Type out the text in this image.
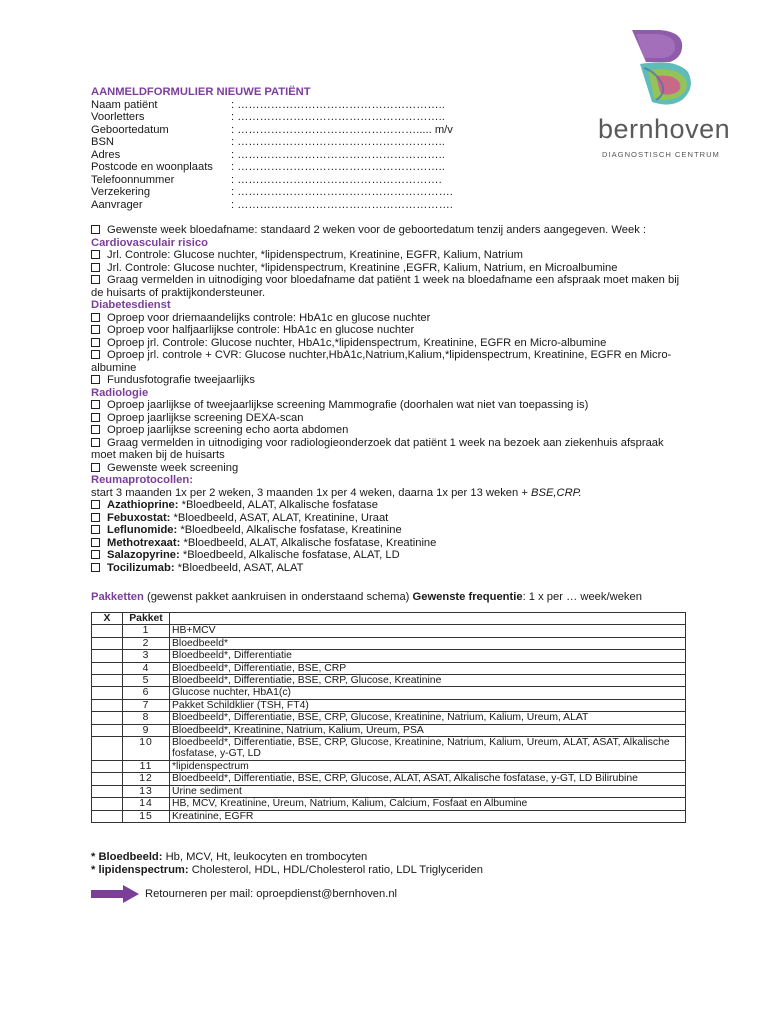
bernhoven
DIAGNOSTISCH CENTRUM
AANMELDFORMULIER NIEUWE PATIËNT
Naam patiënt	: ………………………………………………..
Voorletters	: ………………………………………………..
Geboortedatum	: …………………………………………..... m/v
BSN	: ………………………………………………..
Adres	: ………………………………………………..
Postcode en woonplaats	: ………………………………………………..
Telefoonnummer	: ……………………………………………….
Verzekering	: ………………………………………………….
Aanvrager	: ………………………………………………….
Gewenste week bloedafname: standaard 2 weken voor de geboortedatum tenzij anders aangegeven. Week :
Cardiovasculair risico
Jrl. Controle: Glucose nuchter, *lipidenspectrum, Kreatinine, EGFR, Kalium, Natrium
Jrl. Controle: Glucose nuchter, *lipidenspectrum, Kreatinine ,EGFR, Kalium, Natrium, en Microalbumine
Graag vermelden in uitnodiging voor bloedafname dat patiënt 1 week na bloedafname een afspraak moet maken bij de huisarts of praktijkondersteuner.
Diabetesdienst
Oproep voor driemaandelijks controle: HbA1c en glucose nuchter
Oproep voor halfjaarlijkse controle: HbA1c en glucose nuchter
Oproep jrl. Controle: Glucose nuchter, HbA1c,*lipidenspectrum, Kreatinine, EGFR en Micro-albumine
Oproep jrl. controle + CVR: Glucose nuchter,HbA1c,Natrium,Kalium,*lipidenspectrum, Kreatinine, EGFR en Micro-albumine
Fundusfotografie tweejaarlijks
Radiologie
Oproep jaarlijkse of tweejaarlijkse screening Mammografie (doorhalen wat niet van toepassing is)
Oproep jaarlijkse screening DEXA-scan
Oproep jaarlijkse screening echo aorta abdomen
Graag vermelden in uitnodiging voor radiologieonderzoek dat patiënt 1 week na bezoek aan ziekenhuis afspraak moet maken bij de huisarts
Gewenste week screening
Reumaprotocollen:
start 3 maanden 1x per 2 weken, 3 maanden 1x per 4 weken, daarna 1x per 13 weken + BSE,CRP.
Azathioprine: *Bloedbeeld, ALAT, Alkalische fosfatase
Febuxostat: *Bloedbeeld, ASAT, ALAT, Kreatinine, Uraat
Leflunomide: *Bloedbeeld, Alkalische fosfatase, Kreatinine
Methotrexaat: *Bloedbeeld, ALAT, Alkalische fosfatase, Kreatinine
Salazopyrine: *Bloedbeeld, Alkalische fosfatase, ALAT, LD
Tocilizumab: *Bloedbeeld, ASAT, ALAT
Pakketten (gewenst pakket aankruisen in onderstaand schema) Gewenste frequentie: 1 x per … week/weken
X	Pakket	
	1	HB+MCV
	2	Bloedbeeld*
	3	Bloedbeeld*, Differentiatie
	4	Bloedbeeld*, Differentiatie, BSE, CRP
	5	Bloedbeeld*, Differentiatie, BSE, CRP, Glucose, Kreatinine
	6	Glucose nuchter, HbA1(c)
	7	Pakket Schildklier (TSH, FT4)
	8	Bloedbeeld*, Differentiatie, BSE, CRP, Glucose, Kreatinine, Natrium, Kalium, Ureum, ALAT
	9	Bloedbeeld*, Kreatinine, Natrium, Kalium, Ureum, PSA
	10	Bloedbeeld*, Differentiatie, BSE, CRP, Glucose, Kreatinine, Natrium, Kalium, Ureum, ALAT, ASAT, Alkalische fosfatase, y-GT, LD
	11	*lipidenspectrum
	12	Bloedbeeld*, Differentiatie, BSE, CRP, Glucose, ALAT, ASAT, Alkalische fosfatase, y-GT, LD Bilirubine
	13	Urine sediment
	14	HB, MCV, Kreatinine, Ureum, Natrium, Kalium, Calcium, Fosfaat en Albumine
	15	Kreatinine, EGFR
* Bloedbeeld: Hb, MCV, Ht, leukocyten en trombocyten
* lipidenspectrum: Cholesterol, HDL, HDL/Cholesterol ratio, LDL Triglyceriden
Retourneren per mail: oproepdienst@bernhoven.nl
